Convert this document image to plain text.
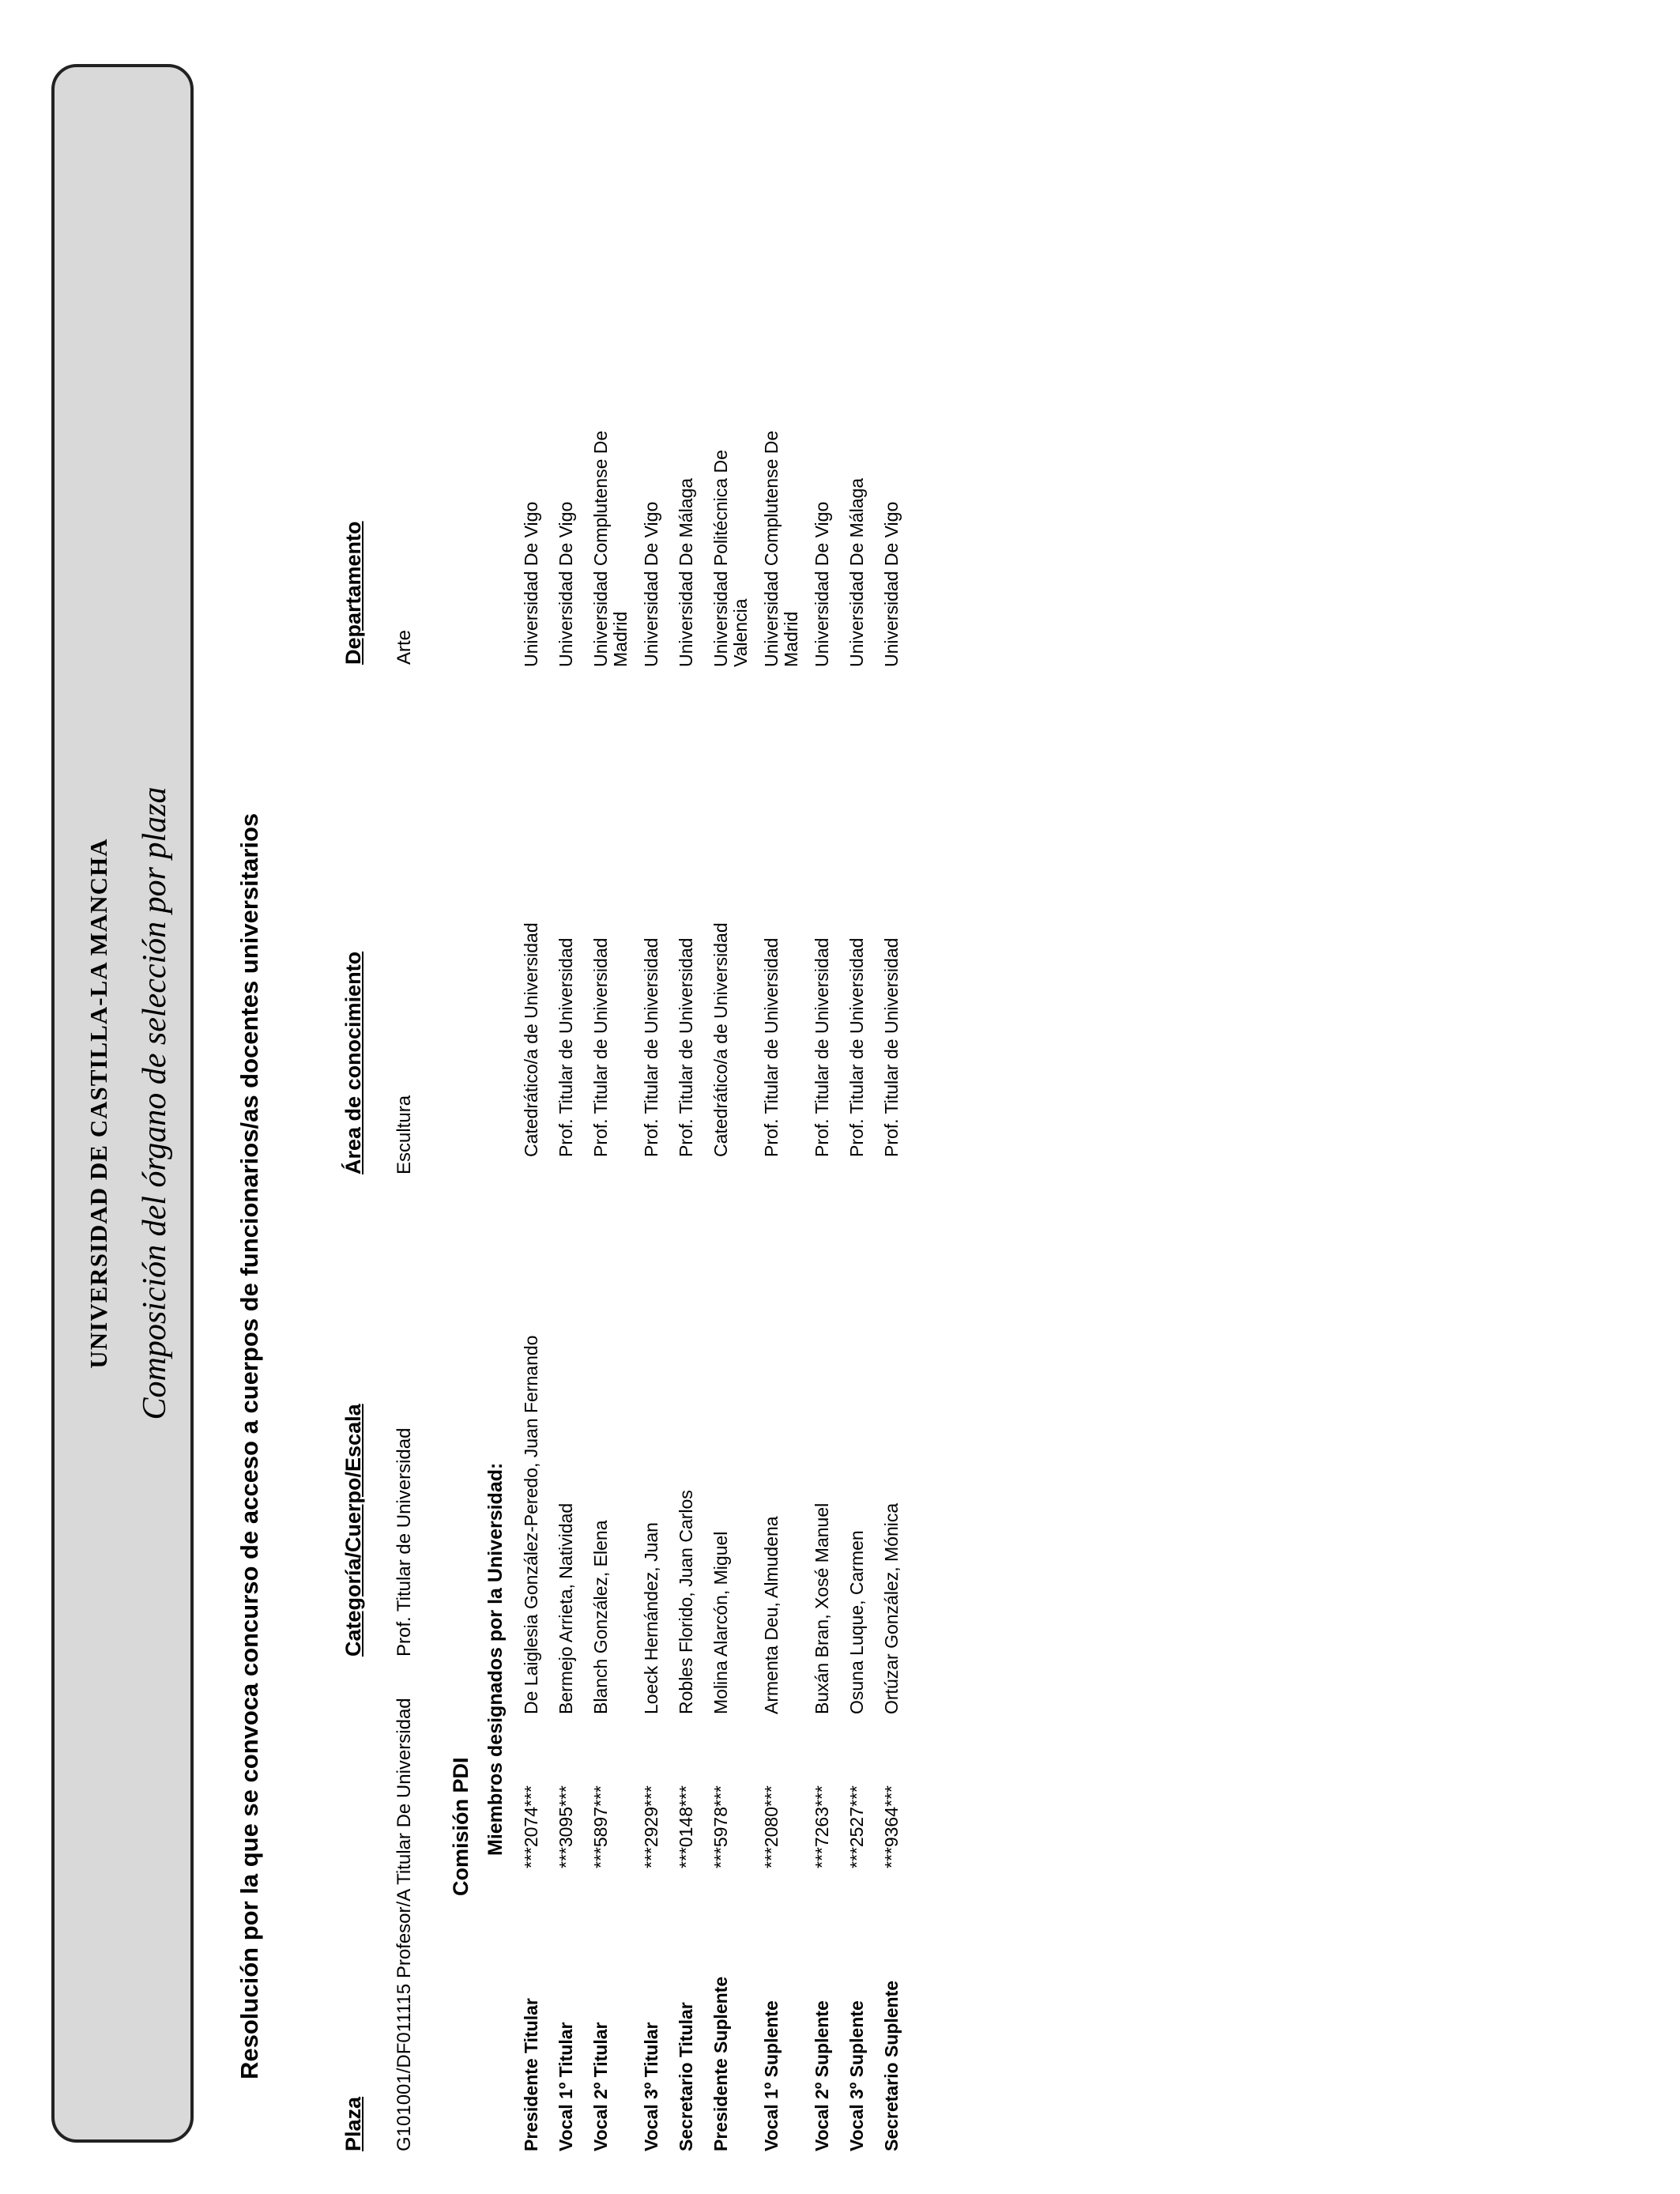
UNIVERSIDAD DE CASTILLA-LA MANCHA Composición del órgano de selección por plaza	Resolución por la que se convoca concurso de acceso a cuerpos de funcionarios/as docentes universitarios
Plaza
Categoría/Cuerpo/Escala
Área de conocimiento
Departamento
G101001/DF011115 Profesor/A Titular De Universidad
Prof. Titular de Universidad
Escultura
Arte
Comisión PDI Miembros designados por la Universidad:
Presidente Titular
***2074***
De Laiglesia González-Peredo, Juan Fernando
Catedrático/a de Universidad
Universidad De Vigo
Vocal 1º Titular
***3095***
Bermejo Arrieta, Natividad
Prof. Titular de Universidad
Universidad De Vigo
Vocal 2º Titular
***5897***
Blanch González, Elena
Prof. Titular de Universidad
Universidad Complutense De Madrid
Vocal 3º Titular
***2929***
Loeck Hernández, Juan
Prof. Titular de Universidad
Universidad De Vigo
Secretario Titular
***0148***
Robles Florido, Juan Carlos
Prof. Titular de Universidad
Universidad De Málaga
Presidente Suplente
***5978***
Molina Alarcón, Miguel
Catedrático/a de Universidad
Universidad Politécnica De Valencia
Vocal 1º Suplente
***2080***
Armenta Deu, Almudena
Prof. Titular de Universidad
Universidad Complutense De Madrid
Vocal 2º Suplente
***7263***
Buxán Bran, Xosé Manuel
Prof. Titular de Universidad
Universidad De Vigo
Vocal 3º Suplente
***2527***
Osuna Luque, Carmen
Prof. Titular de Universidad
Universidad De Málaga
Secretario Suplente
***9364***
Ortúzar González, Mónica
Prof. Titular de Universidad
Universidad De Vigo
